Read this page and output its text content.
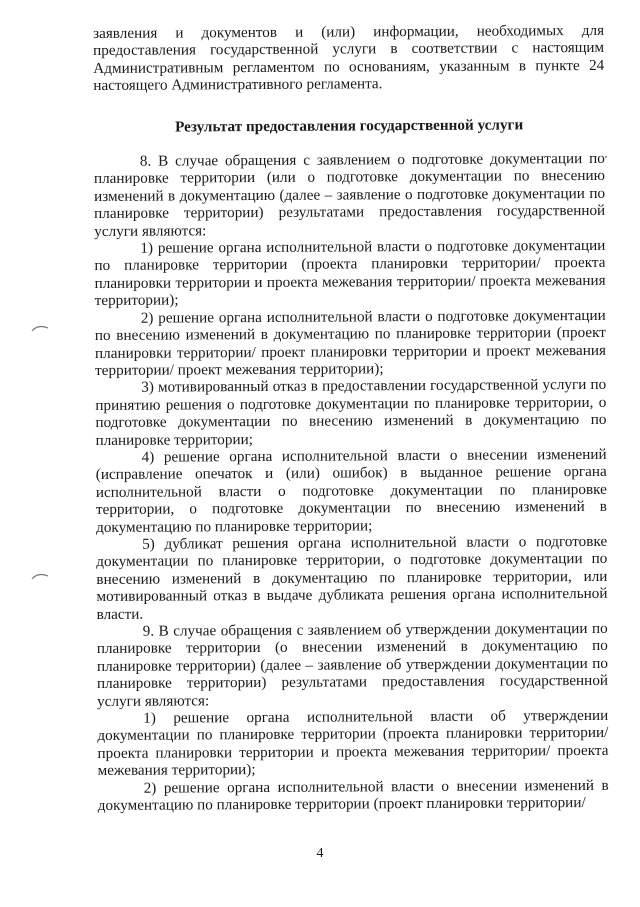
заявления и документов и (или) информации, необходимых для предоставления государственной услуги в соответствии с настоящим Административным регламентом по основаниям, указанным в пункте 24 настоящего Административного регламента.

Результат предоставления государственной услуги

8. В случае обращения с заявлением о подготовке документации по планировке территории (или о подготовке документации по внесению изменений в документацию (далее – заявление о подготовке документации по планировке территории) результатами предоставления государственной услуги являются:

1) решение органа исполнительной власти о подготовке документации по планировке территории (проекта планировки территории/ проекта планировки территории и проекта межевания территории/ проекта межевания территории);

2) решение органа исполнительной власти о подготовке документации по внесению изменений в документацию по планировке территории (проект планировки территории/ проект планировки территории и проект межевания территории/ проект межевания территории);

3) мотивированный отказ в предоставлении государственной услуги по принятию решения о подготовке документации по планировке территории, о подготовке документации по внесению изменений в документацию по планировке территории;

4) решение органа исполнительной власти о внесении изменений (исправление опечаток и (или) ошибок) в выданное решение органа исполнительной власти о подготовке документации по планировке территории, о подготовке документации по внесению изменений в документацию по планировке территории;

5) дубликат решения органа исполнительной власти о подготовке документации по планировке территории, о подготовке документации по внесению изменений в документацию по планировке территории, или мотивированный отказ в выдаче дубликата решения органа исполнительной власти.

9. В случае обращения с заявлением об утверждении документации по планировке территории (о внесении изменений в документацию по планировке территории) (далее – заявление об утверждении документации по планировке территории) результатами предоставления государственной услуги являются:

1) решение органа исполнительной власти об утверждении документации по планировке территории (проекта планировки территории/ проекта планировки территории и проекта межевания территории/ проекта межевания территории);

2) решение органа исполнительной власти о внесении изменений в документацию по планировке территории (проект планировки территории/

4
